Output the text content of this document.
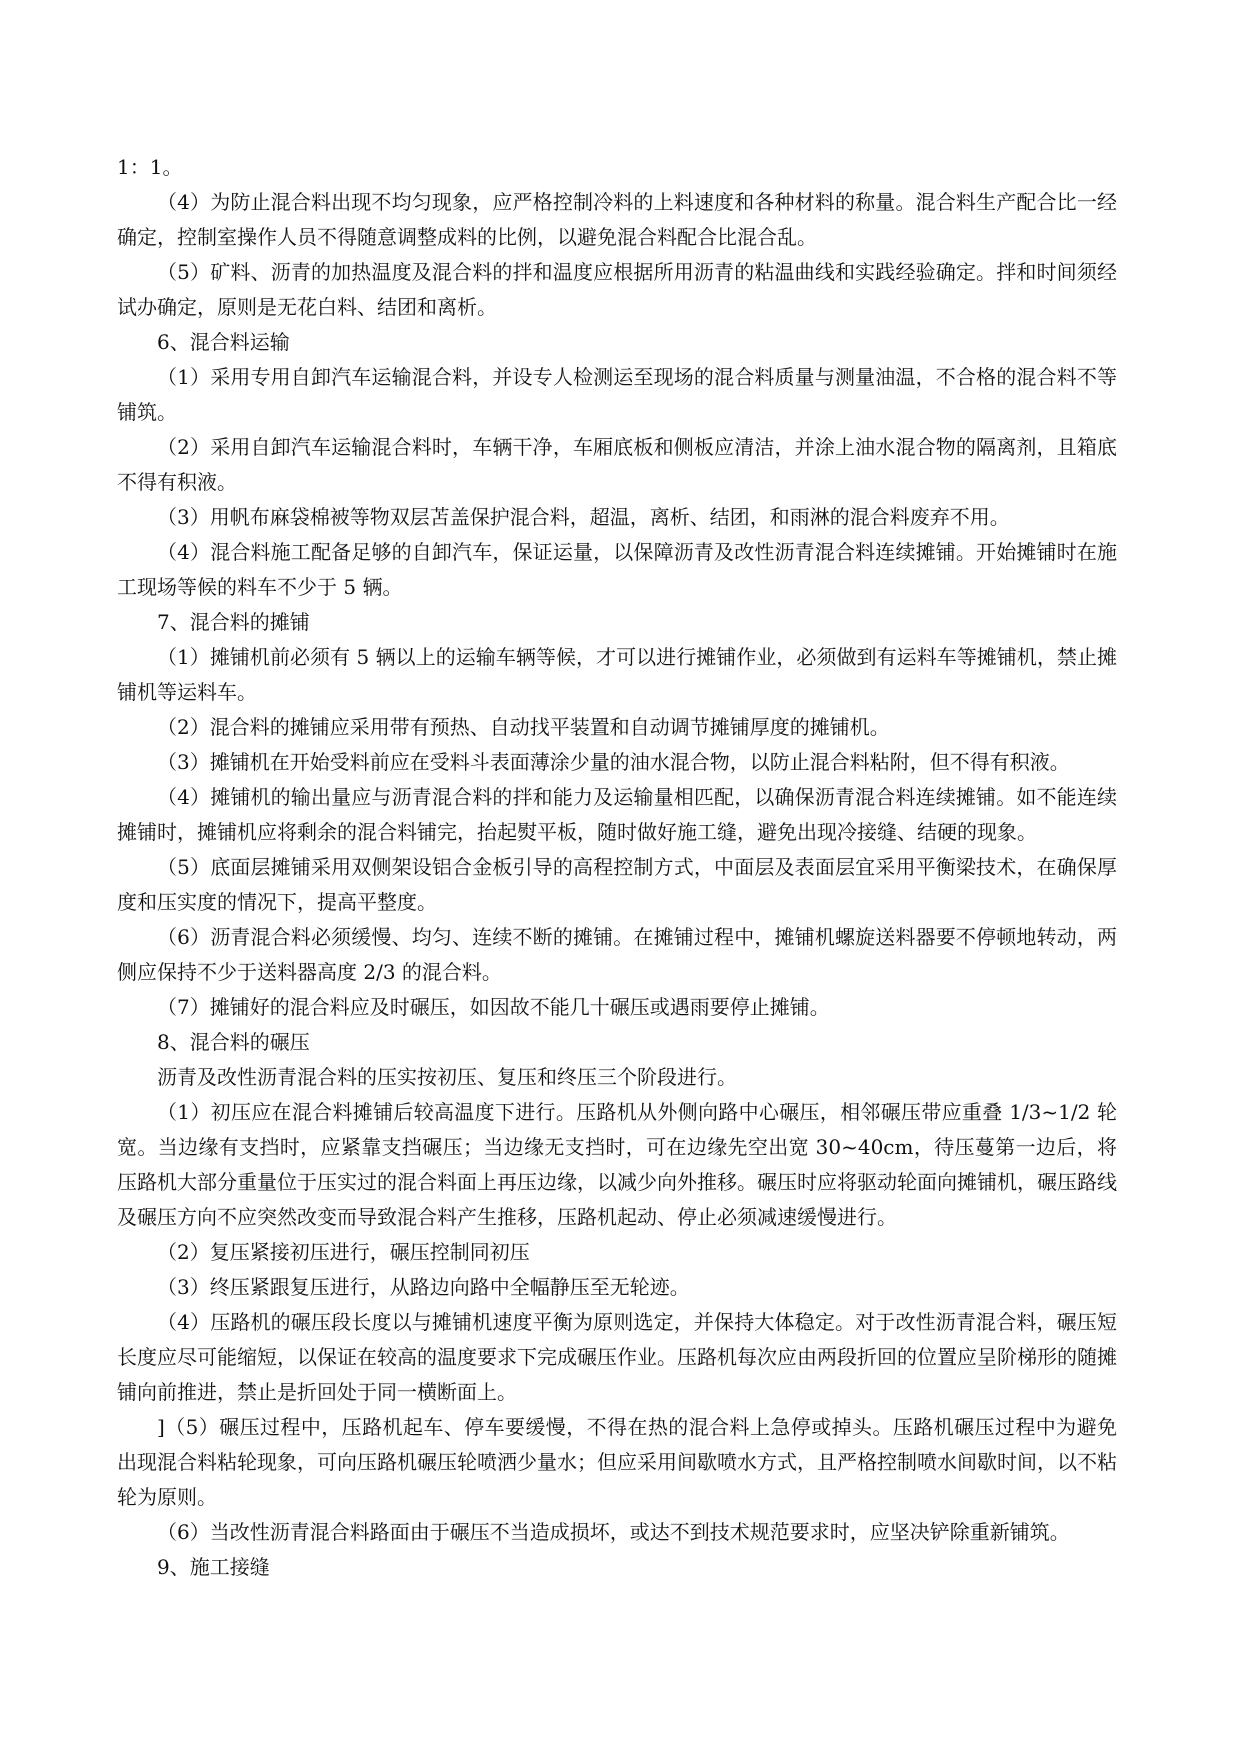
1：1。

（4）为防止混合料出现不均匀现象，应严格控制冷料的上料速度和各种材料的称量。混合料生产配合比一经确定，控制室操作人员不得随意调整成料的比例，以避免混合料配合比混合乱。

（5）矿料、沥青的加热温度及混合料的拌和温度应根据所用沥青的粘温曲线和实践经验确定。拌和时间须经试办确定，原则是无花白料、结团和离析。

6、混合料运输

（1）采用专用自卸汽车运输混合料，并设专人检测运至现场的混合料质量与测量油温，不合格的混合料不等铺筑。

（2）采用自卸汽车运输混合料时，车辆干净，车厢底板和侧板应清洁，并涂上油水混合物的隔离剂，且箱底不得有积液。

（3）用帆布麻袋棉被等物双层苫盖保护混合料，超温，离析、结团，和雨淋的混合料废弃不用。

（4）混合料施工配备足够的自卸汽车，保证运量，以保障沥青及改性沥青混合料连续摊铺。开始摊铺时在施工现场等候的料车不少于 5 辆。

7、混合料的摊铺

（1）摊铺机前必须有 5 辆以上的运输车辆等候，才可以进行摊铺作业，必须做到有运料车等摊铺机，禁止摊铺机等运料车。

（2）混合料的摊铺应采用带有预热、自动找平装置和自动调节摊铺厚度的摊铺机。

（3）摊铺机在开始受料前应在受料斗表面薄涂少量的油水混合物，以防止混合料粘附，但不得有积液。

（4）摊铺机的输出量应与沥青混合料的拌和能力及运输量相匹配，以确保沥青混合料连续摊铺。如不能连续摊铺时，摊铺机应将剩余的混合料铺完，抬起熨平板，随时做好施工缝，避免出现冷接缝、结硬的现象。

（5）底面层摊铺采用双侧架设铝合金板引导的高程控制方式，中面层及表面层宜采用平衡梁技术，在确保厚度和压实度的情况下，提高平整度。

（6）沥青混合料必须缓慢、均匀、连续不断的摊铺。在摊铺过程中，摊铺机螺旋送料器要不停顿地转动，两侧应保持不少于送料器高度 2/3 的混合料。

（7）摊铺好的混合料应及时碾压，如因故不能几十碾压或遇雨要停止摊铺。

8、混合料的碾压

沥青及改性沥青混合料的压实按初压、复压和终压三个阶段进行。

（1）初压应在混合料摊铺后较高温度下进行。压路机从外侧向路中心碾压，相邻碾压带应重叠 1/3~1/2 轮宽。当边缘有支挡时，应紧靠支挡碾压；当边缘无支挡时，可在边缘先空出宽 30~40cm，待压蔓第一边后，将压路机大部分重量位于压实过的混合料面上再压边缘，以减少向外推移。碾压时应将驱动轮面向摊铺机，碾压路线及碾压方向不应突然改变而导致混合料产生推移，压路机起动、停止必须减速缓慢进行。

（2）复压紧接初压进行，碾压控制同初压

（3）终压紧跟复压进行，从路边向路中全幅静压至无轮迹。

（4）压路机的碾压段长度以与摊铺机速度平衡为原则选定，并保持大体稳定。对于改性沥青混合料，碾压短长度应尽可能缩短，以保证在较高的温度要求下完成碾压作业。压路机每次应由两段折回的位置应呈阶梯形的随摊铺向前推进，禁止是折回处于同一横断面上。

]（5）碾压过程中，压路机起车、停车要缓慢，不得在热的混合料上急停或掉头。压路机碾压过程中为避免出现混合料粘轮现象，可向压路机碾压轮喷洒少量水；但应采用间歇喷水方式，且严格控制喷水间歇时间，以不粘轮为原则。

（6）当改性沥青混合料路面由于碾压不当造成损坏，或达不到技术规范要求时，应坚决铲除重新铺筑。

9、施工接缝
